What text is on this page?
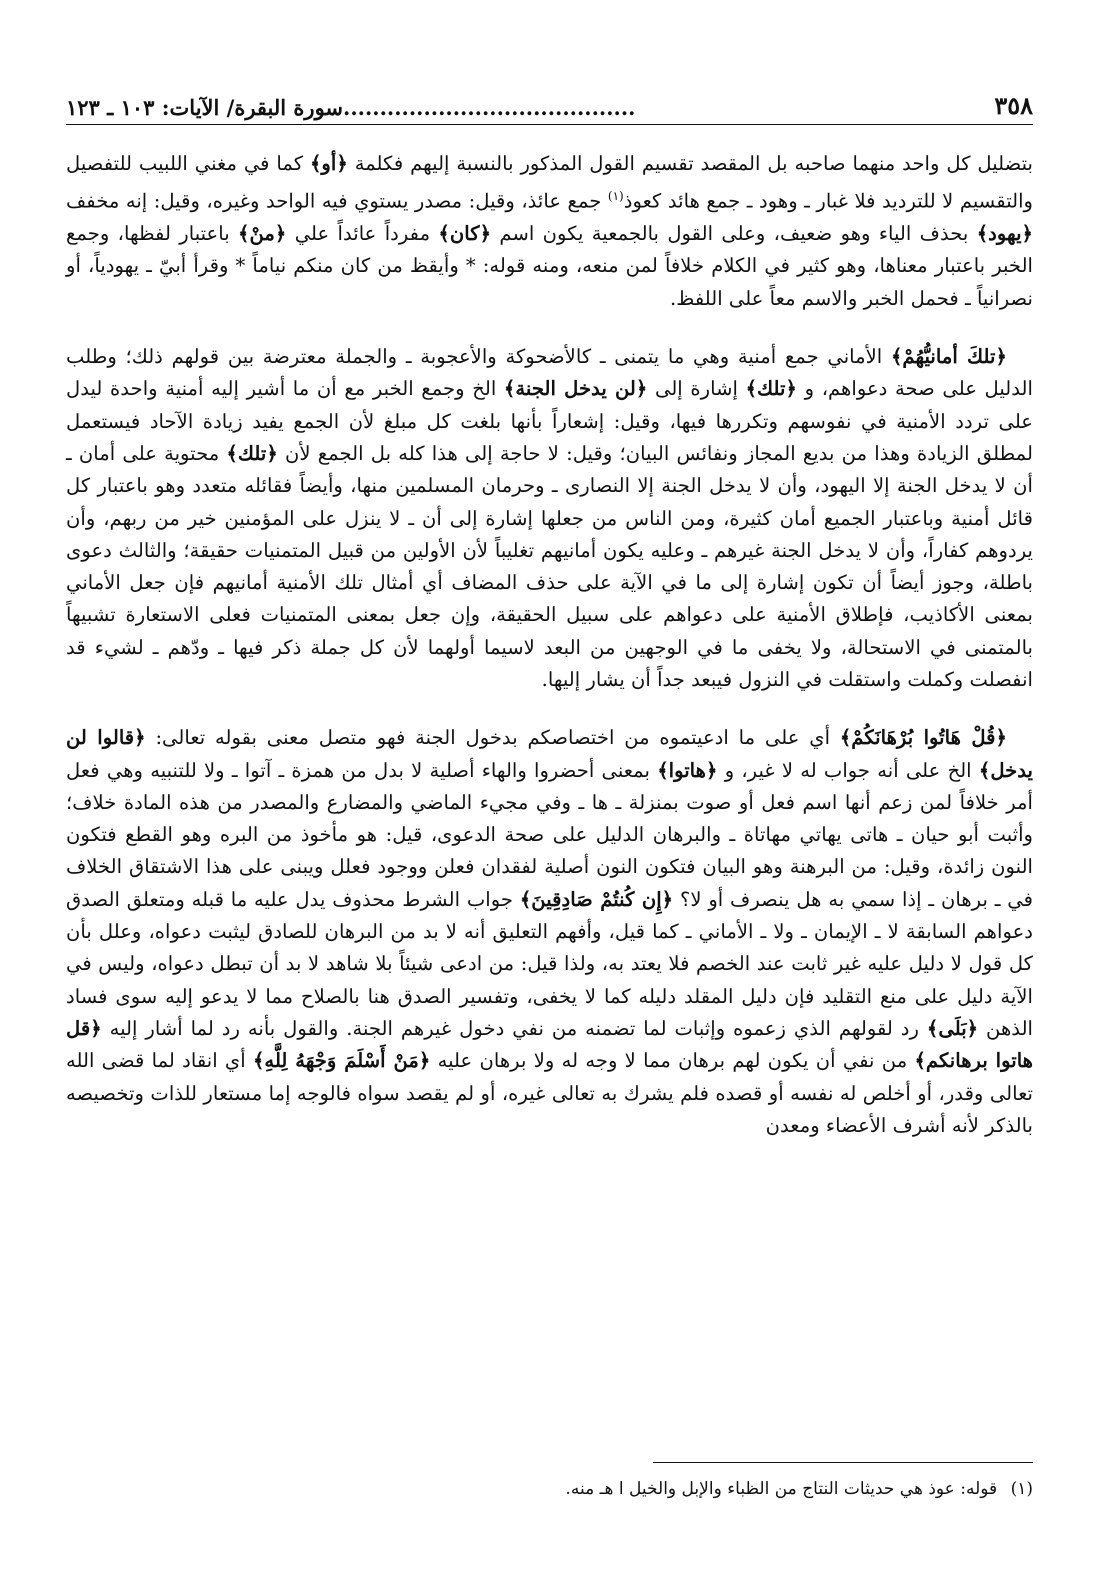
٣٥٨
........................................سورة البقرة/ الآيات: ١٠٣ ـ ١٢٣

بتضليل كل واحد منهما صاحبه بل المقصد تقسيم القول المذكور بالنسبة إليهم فكلمة ﴿أو﴾ كما في مغني اللبيب للتفصيل والتقسيم لا للترديد فلا غبار ـ وهود ـ جمع هائد كعوذ$^{(١)}$ جمع عائذ، وقيل: مصدر يستوي فيه الواحد وغيره، وقيل: إنه مخفف ﴿يهود﴾ بحذف الياء وهو ضعيف، وعلى القول بالجمعية يكون اسم ﴿كان﴾ مفرداً عائداً علي ﴿منْ﴾ باعتبار لفظها، وجمع الخبر باعتبار معناها، وهو كثير في الكلام خلافاً لمن منعه، ومنه قوله: * وأيقظ من كان منكم نياماً * وقرأ أبيّ ـ يهودياً، أو نصرانياً ـ فحمل الخبر والاسم معاً على اللفظ.

﴿تلكَ أمانيُّهُمْ﴾ الأماني جمع أمنية وهي ما يتمنى ـ كالأضحوكة والأعجوبة ـ والجملة معترضة بين قولهم ذلك؛ وطلب الدليل على صحة دعواهم، و ﴿تلك﴾ إشارة إلى ﴿لن يدخل الجنة﴾ الخ وجمع الخبر مع أن ما أشير إليه أمنية واحدة ليدل على تردد الأمنية في نفوسهم وتكررها فيها، وقيل: إشعاراً بأنها بلغت كل مبلغ لأن الجمع يفيد زيادة الآحاد فيستعمل لمطلق الزيادة وهذا من بديع المجاز ونفائس البيان؛ وقيل: لا حاجة إلى هذا كله بل الجمع لأن ﴿تلك﴾ محتوية على أمان ـ أن لا يدخل الجنة إلا اليهود، وأن لا يدخل الجنة إلا النصارى ـ وحرمان المسلمين منها، وأيضاً فقائله متعدد وهو باعتبار كل قائل أمنية وباعتبار الجميع أمان كثيرة، ومن الناس من جعلها إشارة إلى أن ـ لا ينزل على المؤمنين خير من ربهم، وأن يردوهم كفاراً، وأن لا يدخل الجنة غيرهم ـ وعليه يكون أمانيهم تغليباً لأن الأولين من قبيل المتمنيات حقيقة؛ والثالث دعوى باطلة، وجوز أيضاً أن تكون إشارة إلى ما في الآية على حذف المضاف أي أمثال تلك الأمنية أمانيهم فإن جعل الأماني بمعنى الأكاذيب، فإطلاق الأمنية على دعواهم على سبيل الحقيقة، وإن جعل بمعنى المتمنيات فعلى الاستعارة تشبيهاً بالمتمنى في الاستحالة، ولا يخفى ما في الوجهين من البعد لاسيما أولهما لأن كل جملة ذكر فيها ـ ودّهم ـ لشيء قد انفصلت وكملت واستقلت في النزول فيبعد جداً أن يشار إليها.

﴿قُلْ هَاتُوا بُرْهَانَكُمْ﴾ أي على ما ادعيتموه من اختصاصكم بدخول الجنة فهو متصل معنى بقوله تعالى: ﴿قالوا لن يدخل﴾ الخ على أنه جواب له لا غير، و ﴿هاتوا﴾ بمعنى أحضروا والهاء أصلية لا بدل من همزة ـ آتوا ـ ولا للتنبيه وهي فعل أمر خلافاً لمن زعم أنها اسم فعل أو صوت بمنزلة ـ ها ـ وفي مجيء الماضي والمضارع والمصدر من هذه المادة خلاف؛ وأثبت أبو حيان ـ هاتى يهاتي مهاتاة ـ والبرهان الدليل على صحة الدعوى، قيل: هو مأخوذ من البره وهو القطع فتكون النون زائدة، وقيل: من البرهنة وهو البيان فتكون النون أصلية لفقدان فعلن ووجود فعلل ويبنى على هذا الاشتقاق الخلاف في ـ برهان ـ إذا سمي به هل ينصرف أو لا؟ ﴿إِن كُنتُمْ صَادِقِينَ﴾ جواب الشرط محذوف يدل عليه ما قبله ومتعلق الصدق دعواهم السابقة لا ـ الإيمان ـ ولا ـ الأماني ـ كما قيل، وأفهم التعليق أنه لا بد من البرهان للصادق ليثبت دعواه، وعلل بأن كل قول لا دليل عليه غير ثابت عند الخصم فلا يعتد به، ولذا قيل: من ادعى شيئاً بلا شاهد لا بد أن تبطل دعواه، وليس في الآية دليل على منع التقليد فإن دليل المقلد دليله كما لا يخفى، وتفسير الصدق هنا بالصلاح مما لا يدعو إليه سوى فساد الذهن ﴿بَلَى﴾ رد لقولهم الذي زعموه وإثبات لما تضمنه من نفي دخول غيرهم الجنة. والقول بأنه رد لما أشار إليه ﴿قل هاتوا برهانكم﴾ من نفي أن يكون لهم برهان مما لا وجه له ولا برهان عليه ﴿مَنْ أَسْلَمَ وَجْهَهُ لِلَّهِ﴾ أي انقاد لما قضى الله تعالى وقدر، أو أخلص له نفسه أو قصده فلم يشرك به تعالى غيره، أو لم يقصد سواه فالوجه إما مستعار للذات وتخصيصه بالذكر لأنه أشرف الأعضاء ومعدن

(١) قوله: عوذ هي حديثات النتاج من الظباء والإبل والخيل ا هـ منه.
